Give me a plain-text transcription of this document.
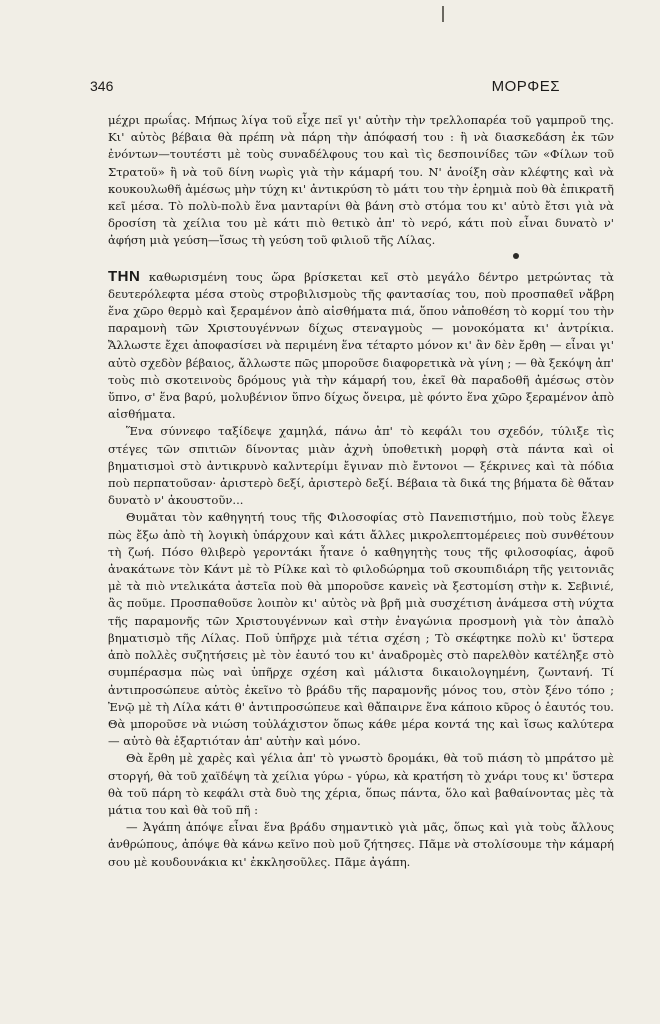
346	ΜΟΡΦΕΣ

μέχρι πρωΐας. Μήπως λίγα τοῦ εἶχε πεῖ γι' αὐτὴν τὴν τρελλοπαρέα τοῦ γαμπροῦ της. Κι' αὐτὸς βέβαια θὰ πρέπη νὰ πάρη τὴν ἀπόφασή του : ἢ νὰ διασκεδάση ἐκ τῶν ἐνόντων—τουτέστι μὲ τοὺς συναδέλφους του καὶ τὶς δεσποινίδες τῶν «Φίλων τοῦ Στρατοῦ» ἢ νὰ τοῦ δίνη νωρὶς γιὰ τὴν κάμαρή του. Ν' ἀνοίξη σὰν κλέφτης καὶ νὰ κουκουλωθῆ ἀμέσως μὴν τύχη κι' ἀντικρύση τὸ μάτι του τὴν ἐρημιὰ ποὺ θὰ ἐπικρατῆ κεῖ μέσα. Τὸ πολὺ-πολὺ ἕνα μανταρίνι θὰ βάνη στὸ στόμα του κι' αὐτὸ ἔτσι γιὰ νὰ δροσίση τὰ χείλια του μὲ κάτι πιὸ θετικὸ ἀπ' τὸ νερό, κάτι ποὺ εἶναι δυνατὸ ν' ἀφήση μιὰ γεύση—ἴσως τὴ γεύση τοῦ φιλιοῦ τῆς Λίλας.

ΤΗΝ καθωρισμένη τους ὥρα βρίσκεται κεῖ στὸ μεγάλο δέντρο μετρώντας τὰ δευτερόλεφτα μέσα στοὺς στροβιλισμοὺς τῆς φαντασίας του, ποὺ προσπαθεῖ νἄβρη ἕνα χῶρο θερμὸ καὶ ξεραμένον ἀπὸ αἰσθήματα πιά, ὅπου νἀποθέση τὸ κορμί του τὴν παραμονὴ τῶν Χριστουγέννων δίχως στεναγμοὺς — μονοκόματα κι' ἀντρίκια. Ἄλλωστε ἔχει ἀποφασίσει νὰ περιμένη ἕνα τέταρτο μόνον κι' ἂν δὲν ἔρθη — εἶναι γι' αὐτὸ σχεδὸν βέβαιος, ἄλλωστε πῶς μποροῦσε διαφορετικὰ νὰ γίνη ; — θὰ ξεκόψη ἀπ' τοὺς πιὸ σκοτεινοὺς δρόμους γιὰ τὴν κάμαρή του, ἐκεῖ θὰ παραδοθῆ ἀμέσως στὸν ὕπνο, σ' ἕνα βαρύ, μολυβένιον ὕπνο δίχως ὄνειρα, μὲ φόντο ἕνα χῶρο ξεραμένον ἀπὸ αἰσθήματα.

Ἕνα σύννεφο ταξίδεψε χαμηλά, πάνω ἀπ' τὸ κεφάλι του σχεδόν, τύλιξε τὶς στέγες τῶν σπιτιῶν δίνοντας μιὰν ἀχνὴ ὑποθετικὴ μορφὴ στὰ πάντα καὶ οἱ βηματισμοὶ στὸ ἀντικρυνὸ καλντερίμι ἔγιναν πιὸ ἔντονοι — ξέκρινες καὶ τὰ πόδια ποὺ περπατοῦσαν· ἀριστερὸ δεξί, ἀριστερὸ δεξί. Βέβαια τὰ δικά της βήματα δὲ θἄταν δυνατὸ ν' ἀκουστοῦν...

Θυμᾶται τὸν καθηγητή τους τῆς Φιλοσοφίας στὸ Πανεπιστήμιο, ποὺ τοὺς ἔλεγε πὼς ἔξω ἀπὸ τὴ λογικὴ ὑπάρχουν καὶ κάτι ἄλλες μικρολεπτομέρειες ποὺ συνθέτουν τὴ ζωή. Πόσο θλιβερὸ γεροντάκι ἦτανε ὁ καθηγητὴς τους τῆς φιλοσοφίας, ἀφοῦ ἀνακάτωνε τὸν Κάντ μὲ τὸ Ρίλκε καὶ τὸ φιλοδώρημα τοῦ σκουπιδιάρη τῆς γειτονιᾶς μὲ τὰ πιὸ ντελικάτα ἀστεῖα ποὺ θὰ μποροῦσε κανεὶς νὰ ξεστομίση στὴν κ. Σεβινιέ, ἂς ποῦμε. Προσπαθοῦσε λοιπὸν κι' αὐτὸς νὰ βρῆ μιὰ συσχέτιση ἀνάμεσα στὴ νύχτα τῆς παραμονῆς τῶν Χριστουγέννων καὶ στὴν ἐναγώνια προσμονὴ γιὰ τὸν ἀπαλὸ βηματισμὸ τῆς Λίλας. Ποῦ ὑπῆρχε μιὰ τέτια σχέση ; Τὸ σκέφτηκε πολὺ κι' ὕστερα ἀπὸ πολλὲς συζητήσεις μὲ τὸν ἑαυτό του κι' ἀναδρομὲς στὸ παρελθὸν κατέληξε στὸ συμπέρασμα πὼς ναὶ ὑπῆρχε σχέση καὶ μάλιστα δικαιολογημένη, ζωντανή. Τί ἀντιπροσώπευε αὐτὸς ἐκεῖνο τὸ βράδυ τῆς παραμονῆς μόνος του, στὸν ξένο τόπο ; Ἐνῷ μὲ τὴ Λίλα κάτι θ' ἀντιπροσώπευε καὶ θἄπαιρνε ἕνα κάποιο κῦρος ὁ ἑαυτός του. Θὰ μποροῦσε νὰ νιώση τοὐλάχιστον ὅπως κάθε μέρα κοντά της καὶ ἴσως καλύτερα — αὐτὸ θὰ ἐξαρτιόταν ἀπ' αὐτὴν καὶ μόνο.

Θὰ ἔρθη μὲ χαρὲς καὶ γέλια ἀπ' τὸ γνωστὸ δρομάκι, θὰ τοῦ πιάση τὸ μπράτσο μὲ στοργή, θὰ τοῦ χαϊδέψη τὰ χείλια γύρω - γύρω, κὰ κρατήση τὸ χνάρι τους κι' ὕστερα θὰ τοῦ πάρη τὸ κεφάλι στὰ δυὸ της χέρια, ὅπως πάντα, ὅλο καὶ βαθαίνοντας μὲς τὰ μάτια του καὶ θὰ τοῦ πῆ :

— Ἀγάπη ἀπόψε εἶναι ἕνα βράδυ σημαντικὸ γιὰ μᾶς, ὅπως καὶ γιὰ τοὺς ἄλλους ἀνθρώπους, ἀπόψε θὰ κάνω κεῖνο ποὺ μοῦ ζήτησες. Πᾶμε νὰ στολίσουμε τὴν κάμαρή σου μὲ κουδουνάκια κι' ἐκκλησοῦλες. Πᾶμε ἀγάπη.
